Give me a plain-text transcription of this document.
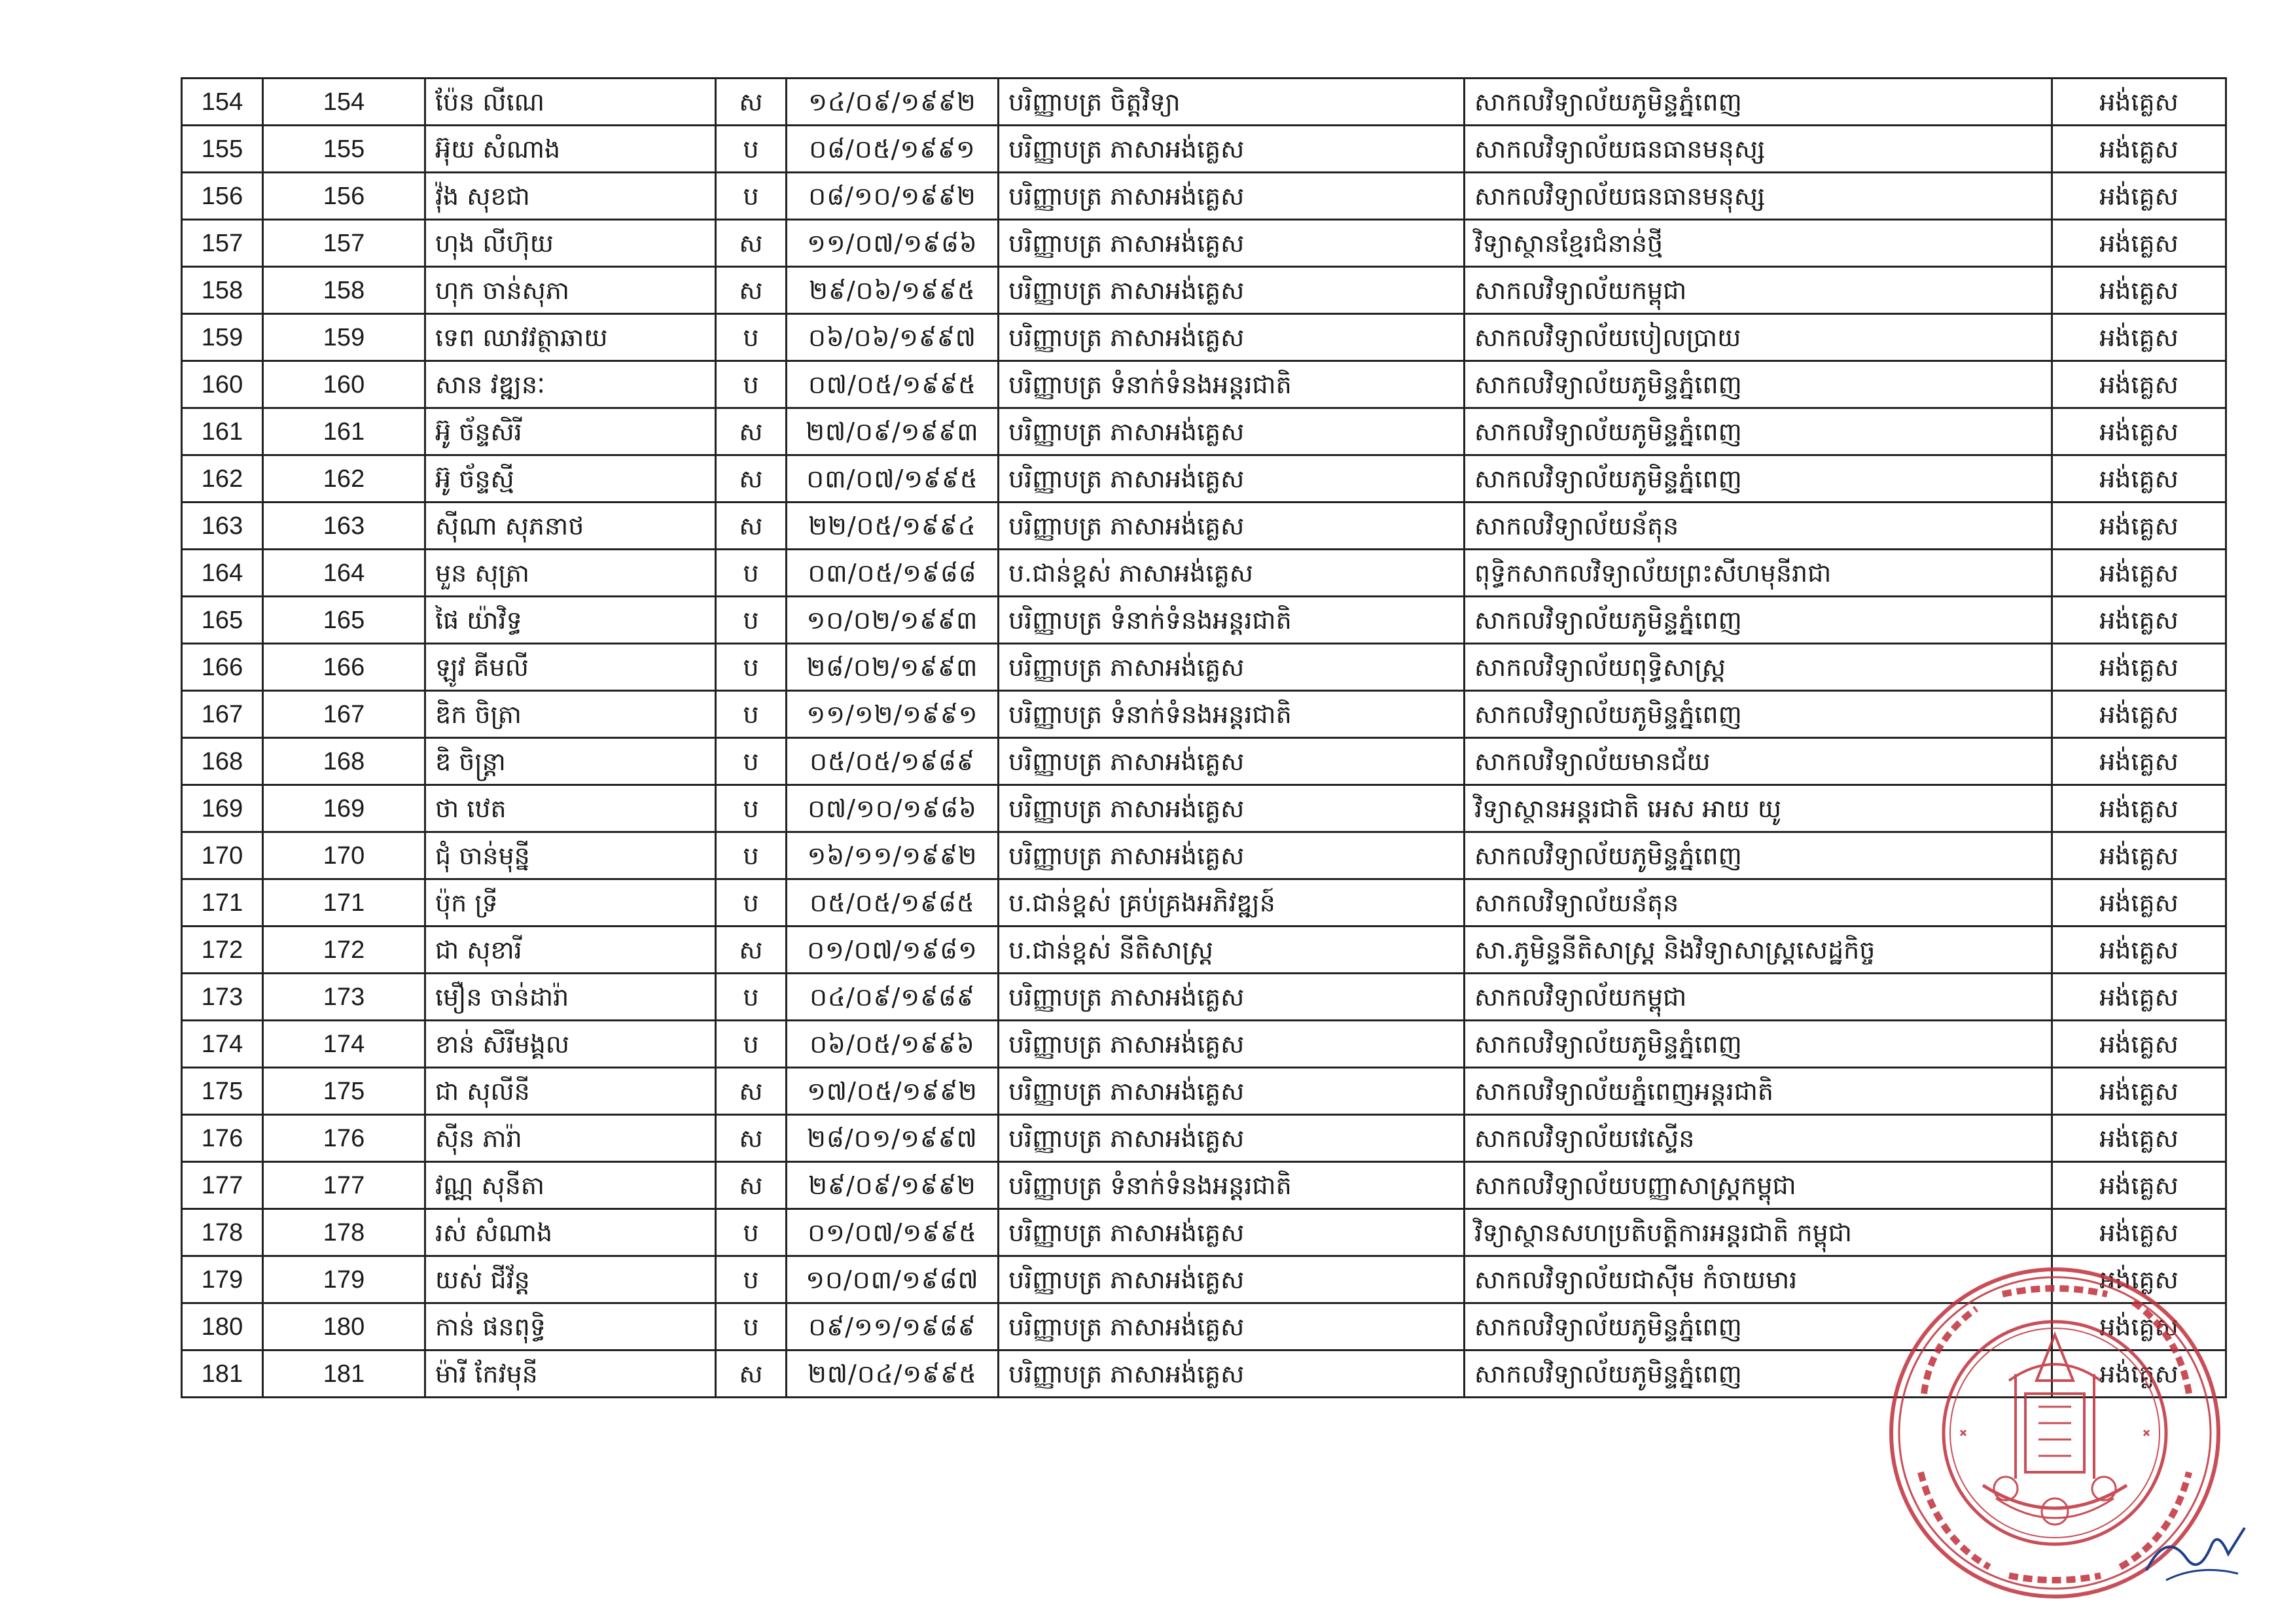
154	154	ប៉ែន លីណេ	ស	១៤/០៩/១៩៩២	បរិញ្ញាបត្រ ចិត្តវិទ្យា	សាកលវិទ្យាល័យភូមិន្ទភ្នំពេញ	អង់គ្លេស
155	155	អ៊ុយ សំណាង	ប	០៨/០៥/១៩៩១	បរិញ្ញាបត្រ ភាសាអង់គ្លេស	សាកលវិទ្យាល័យធនធានមនុស្ស	អង់គ្លេស
156	156	វ៉ុង សុខជា	ប	០៨/១០/១៩៩២	បរិញ្ញាបត្រ ភាសាអង់គ្លេស	សាកលវិទ្យាល័យធនធានមនុស្ស	អង់គ្លេស
157	157	ហុង លីហ៊ុយ	ស	១១/០៧/១៩៨៦	បរិញ្ញាបត្រ ភាសាអង់គ្លេស	វិទ្យាស្ថានខ្មែរជំនាន់ថ្មី	អង់គ្លេស
158	158	ហុក ចាន់សុភា	ស	២៩/០៦/១៩៩៥	បរិញ្ញាបត្រ ភាសាអង់គ្លេស	សាកលវិទ្យាល័យកម្ពុជា	អង់គ្លេស
159	159	ទេព ឈាវវត្ថាឆាយ	ប	០៦/០៦/១៩៩៧	បរិញ្ញាបត្រ ភាសាអង់គ្លេស	សាកលវិទ្យាល័យបៀលប្រាយ	អង់គ្លេស
160	160	សាន វឌ្ឍនៈ	ប	០៧/០៥/១៩៩៥	បរិញ្ញាបត្រ ទំនាក់ទំនងអន្តរជាតិ	សាកលវិទ្យាល័យភូមិន្ទភ្នំពេញ	អង់គ្លេស
161	161	អ៊ូ ច័ន្ទសិរី	ស	២៧/០៩/១៩៩៣	បរិញ្ញាបត្រ ភាសាអង់គ្លេស	សាកលវិទ្យាល័យភូមិន្ទភ្នំពេញ	អង់គ្លេស
162	162	អ៊ូ ច័ន្ទស្មី	ស	០៣/០៧/១៩៩៥	បរិញ្ញាបត្រ ភាសាអង់គ្លេស	សាកលវិទ្យាល័យភូមិន្ទភ្នំពេញ	អង់គ្លេស
163	163	ស៊ីណា សុភនាថ	ស	២២/០៥/១៩៩៤	បរិញ្ញាបត្រ ភាសាអង់គ្លេស	សាកលវិទ្យាល័យន័តុន	អង់គ្លេស
164	164	មួន សុត្រា	ប	០៣/០៥/១៩៨៨	ប.ជាន់ខ្ពស់ ភាសាអង់គ្លេស	ពុទ្ធិកសាកលវិទ្យាល័យព្រះសីហមុនីរាជា	អង់គ្លេស
165	165	ផៃ យ៉ាវិទ្ធ	ប	១០/០២/១៩៩៣	បរិញ្ញាបត្រ ទំនាក់ទំនងអន្តរជាតិ	សាកលវិទ្យាល័យភូមិន្ទភ្នំពេញ	អង់គ្លេស
166	166	ឡូវ គីមលី	ប	២៨/០២/១៩៩៣	បរិញ្ញាបត្រ ភាសាអង់គ្លេស	សាកលវិទ្យាល័យពុទ្ធិសាស្ត្រ	អង់គ្លេស
167	167	ឌិក ចិត្រា	ប	១១/១២/១៩៩១	បរិញ្ញាបត្រ ទំនាក់ទំនងអន្តរជាតិ	សាកលវិទ្យាល័យភូមិន្ទភ្នំពេញ	អង់គ្លេស
168	168	ឌិ ចិន្ត្រា	ប	០៥/០៥/១៩៨៩	បរិញ្ញាបត្រ ភាសាអង់គ្លេស	សាកលវិទ្យាល័យមានជ័យ	អង់គ្លេស
169	169	ថា ឋេត	ប	០៧/១០/១៩៨៦	បរិញ្ញាបត្រ ភាសាអង់គ្លេស	វិទ្យាស្ថានអន្តរជាតិ អេស អាយ យូ	អង់គ្លេស
170	170	ជុំ ចាន់មុន្នី	ប	១៦/១១/១៩៩២	បរិញ្ញាបត្រ ភាសាអង់គ្លេស	សាកលវិទ្យាល័យភូមិន្ទភ្នំពេញ	អង់គ្លេស
171	171	ប៉ុក ទ្រី	ប	០៥/០៥/១៩៨៥	ប.ជាន់ខ្ពស់ គ្រប់គ្រងអភិវឌ្ឍន៍	សាកលវិទ្យាល័យន័តុន	អង់គ្លេស
172	172	ជា សុខារី	ស	០១/០៧/១៩៨១	ប.ជាន់ខ្ពស់ នីតិសាស្ត្រ	សា.ភូមិន្ទនីតិសាស្ត្រ និងវិទ្យាសាស្ត្រសេដ្ឋកិច្ច	អង់គ្លេស
173	173	មឿន ចាន់ដារ៉ា	ប	០៤/០៩/១៩៨៩	បរិញ្ញាបត្រ ភាសាអង់គ្លេស	សាកលវិទ្យាល័យកម្ពុជា	អង់គ្លេស
174	174	ខាន់ សិរីមង្គល	ប	០៦/០៥/១៩៩៦	បរិញ្ញាបត្រ ភាសាអង់គ្លេស	សាកលវិទ្យាល័យភូមិន្ទភ្នំពេញ	អង់គ្លេស
175	175	ជា សុលីនី	ស	១៧/០៥/១៩៩២	បរិញ្ញាបត្រ ភាសាអង់គ្លេស	សាកលវិទ្យាល័យភ្នំពេញអន្តរជាតិ	អង់គ្លេស
176	176	ស៊ីន ភារ៉ា	ស	២៨/០១/១៩៩៧	បរិញ្ញាបត្រ ភាសាអង់គ្លេស	សាកលវិទ្យាល័យវេស្ទើន	អង់គ្លេស
177	177	វណ្ណ សុនីតា	ស	២៩/០៩/១៩៩២	បរិញ្ញាបត្រ ទំនាក់ទំនងអន្តរជាតិ	សាកលវិទ្យាល័យបញ្ញាសាស្ត្រកម្ពុជា	អង់គ្លេស
178	178	រស់ សំណាង	ប	០១/០៧/១៩៩៥	បរិញ្ញាបត្រ ភាសាអង់គ្លេស	វិទ្យាស្ថានសហប្រតិបត្តិការអន្តរជាតិ កម្ពុជា	អង់គ្លេស
179	179	យស់ ជីវ័ន្ត	ប	១០/០៣/១៩៨៧	បរិញ្ញាបត្រ ភាសាអង់គ្លេស	សាកលវិទ្យាល័យជាស៊ីម កំចាយមារ	អង់គ្លេស
180	180	កាន់ ផនពុទ្ធិ	ប	០៩/១១/១៩៨៩	បរិញ្ញាបត្រ ភាសាអង់គ្លេស	សាកលវិទ្យាល័យភូមិន្ទភ្នំពេញ	អង់គ្លេស
181	181	ម៉ារី កែវមុនី	ស	២៧/០៤/១៩៩៥	បរិញ្ញាបត្រ ភាសាអង់គ្លេស	សាកលវិទ្យាល័យភូមិន្ទភ្នំពេញ	អង់គ្លេស
